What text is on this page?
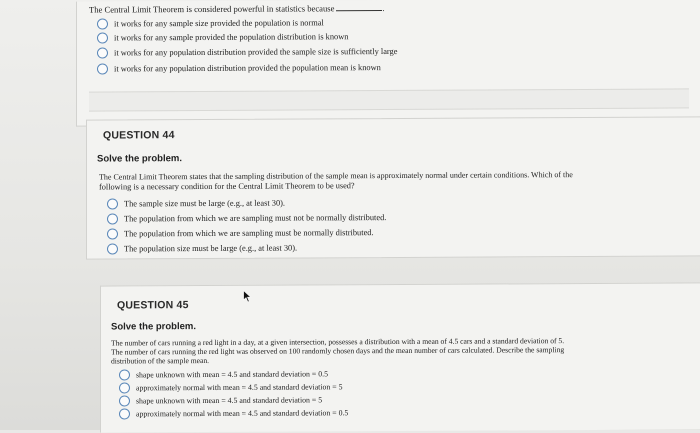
The Central Limit Theorem is considered powerful in statistics because	.
it works for any sample size provided the population is normal
it works for any sample provided the population distribution is known
it works for any population distribution provided the sample size is sufficiently large
it works for any population distribution provided the population mean is known
QUESTION 44
Solve the problem.
The Central Limit Theorem states that the sampling distribution of the sample mean is approximately normal under certain conditions. Which of the
following is a necessary condition for the Central Limit Theorem to be used?
The sample size must be large (e.g., at least 30).
The population from which we are sampling must not be normally distributed.
The population from which we are sampling must be normally distributed.
The population size must be large (e.g., at least 30).
QUESTION 45
Solve the problem.
The number of cars running a red light in a day, at a given intersection, possesses a distribution with a mean of 4.5 cars and a standard deviation of 5.
The number of cars running the red light was observed on 100 randomly chosen days and the mean number of cars calculated. Describe the sampling
distribution of the sample mean.
shape unknown with mean = 4.5 and standard deviation = 0.5
approximately normal with mean = 4.5 and standard deviation = 5
shape unknown with mean = 4.5 and standard deviation = 5
approximately normal with mean = 4.5 and standard deviation = 0.5
